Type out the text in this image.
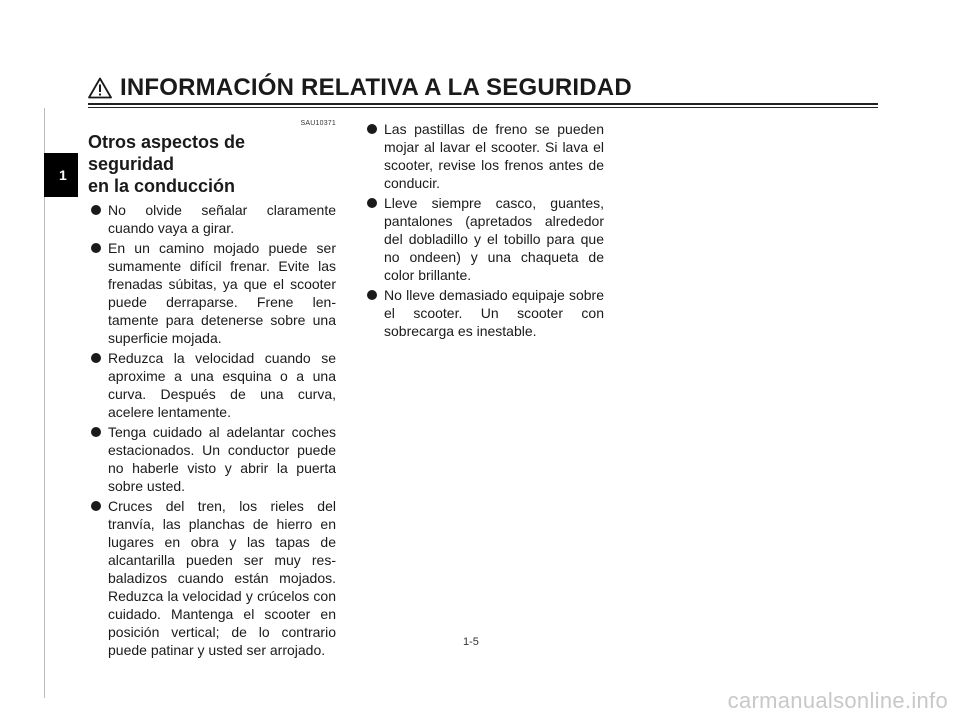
INFORMACIÓN RELATIVA A LA SEGURIDAD
1
SAU10371
Otros aspectos de seguridad
en la conducción
No olvide señalar claramente cuando vaya a girar.
En un camino mojado puede ser sumamente difícil frenar. Evite las frenadas súbitas, ya que el scooter puede derraparse. Frene lentamente para detenerse sobre una superficie mojada.
Reduzca la velocidad cuando se aproxime a una esquina o a una curva. Después de una curva, acelere lentamente.
Tenga cuidado al adelantar coches estacionados. Un conductor puede no haberle visto y abrir la puerta sobre usted.
Cruces del tren, los rieles del tranvía, las planchas de hierro en lugares en obra y las tapas de alcantarilla pueden ser muy resbaladizos cuando están mojados. Reduzca la velocidad y crúcelos con cuidado. Mantenga el scooter en posición vertical; de lo contrario puede patinar y usted ser arrojado.
Las pastillas de freno se pueden mojar al lavar el scooter. Si lava el scooter, revise los frenos antes de conducir.
Lleve siempre casco, guantes, pantalones (apretados alrededor del dobladillo y el tobillo para que no ondeen) y una chaqueta de color brillante.
No lleve demasiado equipaje sobre el scooter. Un scooter con sobrecarga es inestable.
1-5
carmanualsonline.info
